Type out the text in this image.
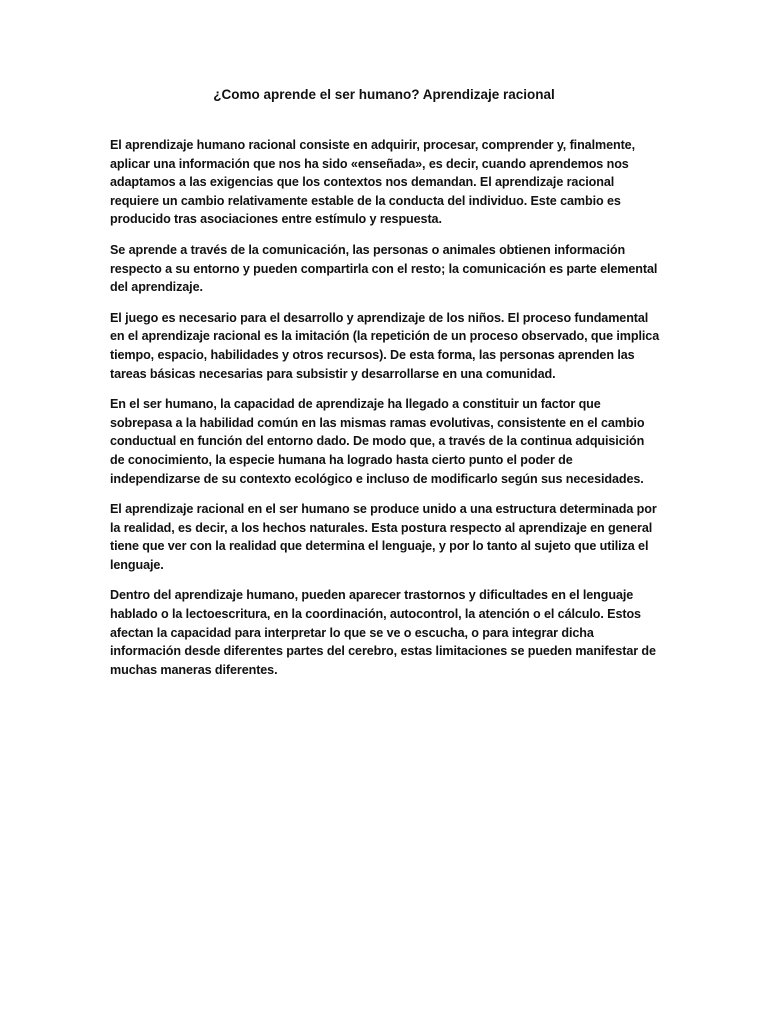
¿Como aprende el ser humano? Aprendizaje racional

El aprendizaje humano racional consiste en adquirir, procesar, comprender y, finalmente, aplicar una información que nos ha sido «enseñada», es decir, cuando aprendemos nos adaptamos a las exigencias que los contextos nos demandan. El aprendizaje racional requiere un cambio relativamente estable de la conducta del individuo. Este cambio es producido tras asociaciones entre estímulo y respuesta.

Se aprende a través de la comunicación, las personas o animales obtienen información respecto a su entorno y pueden compartirla con el resto; la comunicación es parte elemental del aprendizaje.

El juego es necesario para el desarrollo y aprendizaje de los niños. El proceso fundamental en el aprendizaje racional es la imitación (la repetición de un proceso observado, que implica tiempo, espacio, habilidades y otros recursos). De esta forma, las personas aprenden las tareas básicas necesarias para subsistir y desarrollarse en una comunidad.

En el ser humano, la capacidad de aprendizaje ha llegado a constituir un factor que sobrepasa a la habilidad común en las mismas ramas evolutivas, consistente en el cambio conductual en función del entorno dado. De modo que, a través de la continua adquisición de conocimiento, la especie humana ha logrado hasta cierto punto el poder de independizarse de su contexto ecológico e incluso de modificarlo según sus necesidades.

El aprendizaje racional en el ser humano se produce unido a una estructura determinada por la realidad, es decir, a los hechos naturales. Esta postura respecto al aprendizaje en general tiene que ver con la realidad que determina el lenguaje, y por lo tanto al sujeto que utiliza el lenguaje.

Dentro del aprendizaje humano, pueden aparecer trastornos y dificultades en el lenguaje hablado o la lectoescritura, en la coordinación, autocontrol, la atención o el cálculo. Estos afectan la capacidad para interpretar lo que se ve o escucha, o para integrar dicha información desde diferentes partes del cerebro, estas limitaciones se pueden manifestar de muchas maneras diferentes.
